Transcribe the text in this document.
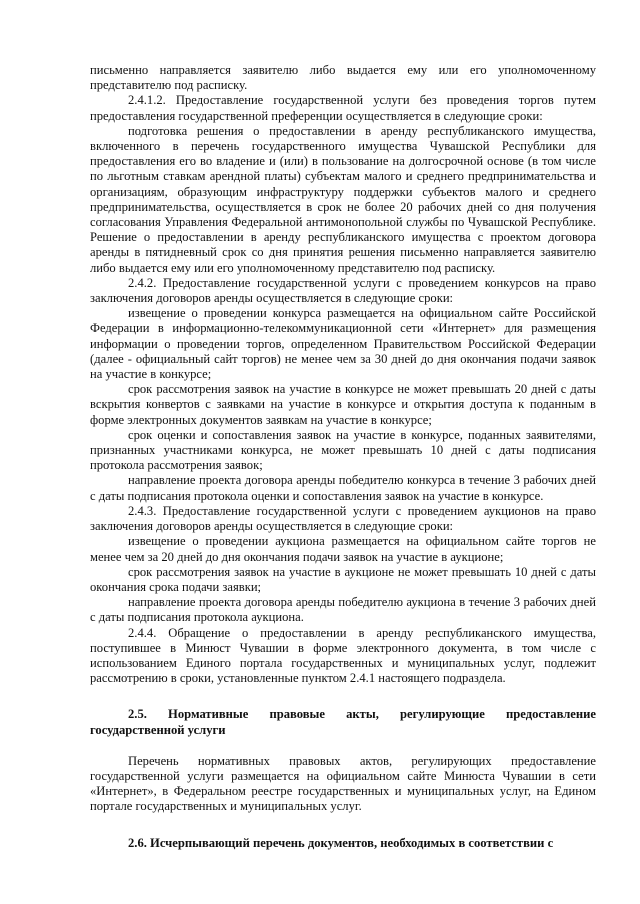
письменно направляется заявителю либо выдается ему или его уполномоченному представителю под расписку.

2.4.1.2. Предоставление государственной услуги без проведения торгов путем предоставления государственной преференции осуществляется в следующие сроки:

подготовка решения о предоставлении в аренду республиканского имущества, включенного в перечень государственного имущества Чувашской Республики для предоставления его во владение и (или) в пользование на долгосрочной основе (в том числе по льготным ставкам арендной платы) субъектам малого и среднего предпринимательства и организациям, образующим инфраструктуру поддержки субъектов малого и среднего предпринимательства, осуществляется в срок не более 20 рабочих дней со дня получения согласования Управления Федеральной антимонопольной службы по Чувашской Республике. Решение о предоставлении в аренду республиканского имущества с проектом договора аренды в пятидневный срок со дня принятия решения письменно направляется заявителю либо выдается ему или его уполномоченному представителю под расписку.

2.4.2. Предоставление государственной услуги с проведением конкурсов на право заключения договоров аренды осуществляется в следующие сроки:

извещение о проведении конкурса размещается на официальном сайте Российской Федерации в информационно-телекоммуникационной сети «Интернет» для размещения информации о проведении торгов, определенном Правительством Российской Федерации (далее - официальный сайт торгов) не менее чем за 30 дней до дня окончания подачи заявок на участие в конкурсе;

срок рассмотрения заявок на участие в конкурсе не может превышать 20 дней с даты вскрытия конвертов с заявками на участие в конкурсе и открытия доступа к поданным в форме электронных документов заявкам на участие в конкурсе;

срок оценки и сопоставления заявок на участие в конкурсе, поданных заявителями, признанных участниками конкурса, не может превышать 10 дней с даты подписания протокола рассмотрения заявок;

направление проекта договора аренды победителю конкурса в течение 3 рабочих дней с даты подписания протокола оценки и сопоставления заявок на участие в конкурсе.

2.4.3. Предоставление государственной услуги с проведением аукционов на право заключения договоров аренды осуществляется в следующие сроки:

извещение о проведении аукциона размещается на официальном сайте торгов не менее чем за 20 дней до дня окончания подачи заявок на участие в аукционе;

срок рассмотрения заявок на участие в аукционе не может превышать 10 дней с даты окончания срока подачи заявки;

направление проекта договора аренды победителю аукциона в течение 3 рабочих дней с даты подписания протокола аукциона.

2.4.4. Обращение о предоставлении в аренду республиканского имущества, поступившее в Минюст Чувашии в форме электронного документа, в том числе с использованием Единого портала государственных и муниципальных услуг, подлежит рассмотрению в сроки, установленные пунктом 2.4.1 настоящего подраздела.

2.5. Нормативные правовые акты, регулирующие предоставление государственной услуги

Перечень нормативных правовых актов, регулирующих предоставление государственной услуги размещается на официальном сайте Минюста Чувашии в сети «Интернет», в Федеральном реестре государственных и муниципальных услуг, на Едином портале государственных и муниципальных услуг.

2.6. Исчерпывающий перечень документов, необходимых в соответствии с
